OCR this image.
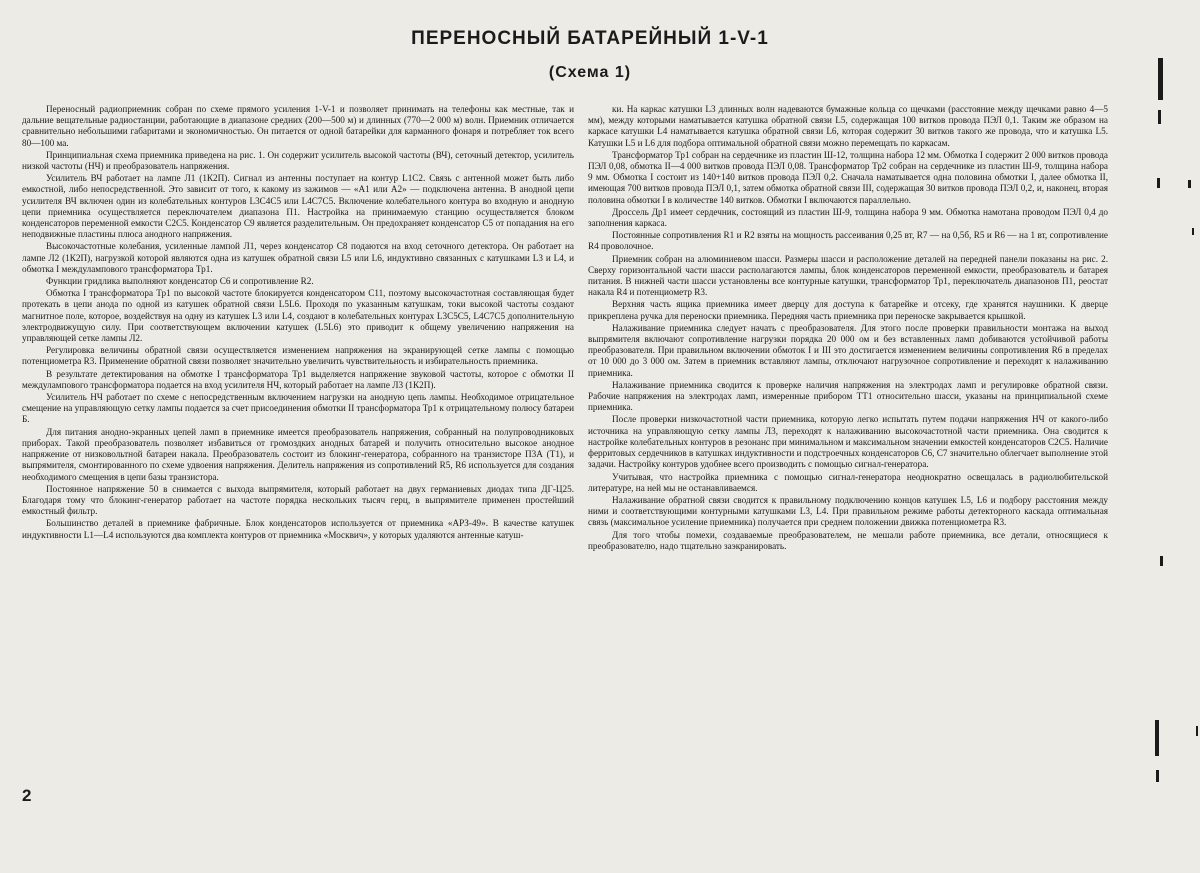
ПЕРЕНОСНЫЙ БАТАРЕЙНЫЙ 1-V-1
(Схема 1)

Переносный радиоприемник собран по схеме прямого усиления 1-V-1 и позволяет принимать на телефоны как местные, так и дальние вещательные радиостанции, работающие в диапазоне средних (200—500 м) и длинных (770—2 000 м) волн. Приемник отличается сравнительно небольшими габаритами и экономичностью. Он питается от одной батарейки для карманного фонаря и потребляет ток всего 80—100 ма.

Принципиальная схема приемника приведена на рис. 1. Он содержит усилитель высокой частоты (ВЧ), сеточный детектор, усилитель низкой частоты (НЧ) и преобразователь напряжения.

Усилитель ВЧ работает на лампе Л1 (1К2П). Сигнал из антенны поступает на контур L1C2. Связь с антенной может быть либо емкостной, либо непосредственной. Это зависит от того, к какому из зажимов — «А1 или А2» — подключена антенна. В анодной цепи усилителя ВЧ включен один из колебательных контуров L3C4C5 или L4C7C5. Включение колебательного контура во входную и анодную цепи приемника осуществляется переключателем диапазона П1. Настройка на принимаемую станцию осуществляется блоком конденсаторов переменной емкости C2C5. Конденсатор C9 является разделительным. Он предохраняет конденсатор C5 от попадания на его неподвижные пластины плюса анодного напряжения.

Высокочастотные колебания, усиленные лампой Л1, через конденсатор C8 подаются на вход сеточного детектора. Он работает на лампе Л2 (1К2П), нагрузкой которой являются одна из катушек обратной связи L5 или L6, индуктивно связанных с катушками L3 и L4, и обмотка I междулампового трансформатора Тр1.

Функции гридлика выполняют конденсатор C6 и сопротивление R2.

Обмотка I трансформатора Тр1 по высокой частоте блокируется конденсатором C11, поэтому высокочастотная составляющая будет протекать в цепи анода по одной из катушек обратной связи L5L6. Проходя по указанным катушкам, токи высокой частоты создают магнитное поле, которое, воздействуя на одну из катушек L3 или L4, создают в колебательных контурах L3C5C5, L4C7C5 дополнительную электродвижущую силу. При соответствующем включении катушек (L5L6) это приводит к общему увеличению напряжения на управляющей сетке лампы Л2.

Регулировка величины обратной связи осуществляется изменением напряжения на экранирующей сетке лампы с помощью потенциометра R3. Применение обратной связи позволяет значительно увеличить чувствительность и избирательность приемника.

В результате детектирования на обмотке I трансформатора Тр1 выделяется напряжение звуковой частоты, которое с обмотки II междулампового трансформатора подается на вход усилителя НЧ, который работает на лампе Л3 (1К2П).

Усилитель НЧ работает по схеме с непосредственным включением нагрузки на анодную цепь лампы. Необходимое отрицательное смещение на управляющую сетку лампы подается за счет присоединения обмотки II трансформатора Тр1 к отрицательному полюсу батареи Б.

Для питания анодно-экранных цепей ламп в приемнике имеется преобразователь напряжения, собранный на полупроводниковых приборах. Такой преобразователь позволяет избавиться от громоздких анодных батарей и получить относительно высокое анодное напряжение от низковольтной батареи накала. Преобразователь состоит из блокинг-генератора, собранного на транзисторе П3А (Т1), и выпрямителя, смонтированного по схеме удвоения напряжения. Делитель напряжения из сопротивлений R5, R6 используется для создания необходимого смещения в цепи базы транзистора.

Постоянное напряжение 50 в снимается с выхода выпрямителя, который работает на двух германиевых диодах типа ДГ-Ц25. Благодаря тому что блокинг-генератор работает на частоте порядка нескольких тысяч герц, в выпрямителе применен простейший емкостный фильтр.

Большинство деталей в приемнике фабричные. Блок конденсаторов используется от приемника «АРЗ-49». В качестве катушек индуктивности L1—L4 используются два комплекта контуров от приемника «Москвич», у которых удаляются антенные катуш-

ки. На каркас катушки L3 длинных волн надеваются бумажные кольца со щечками (расстояние между щечками равно 4—5 мм), между которыми наматывается катушка обратной связи L5, содержащая 100 витков провода ПЭЛ 0,1. Таким же образом на каркасе катушки L4 наматывается катушка обратной связи L6, которая содержит 30 витков такого же провода, что и катушка L5. Катушки L5 и L6 для подбора оптимальной обратной связи можно перемещать по каркасам.

Трансформатор Тр1 собран на сердечнике из пластин Ш-12, толщина набора 12 мм. Обмотка I содержит 2 000 витков провода ПЭЛ 0,08, обмотка II—4 000 витков провода ПЭЛ 0,08. Трансформатор Тр2 собран на сердечнике из пластин Ш-9, толщина набора 9 мм. Обмотка I состоит из 140+140 витков провода ПЭЛ 0,2. Сначала наматывается одна половина обмотки I, далее обмотка II, имеющая 700 витков провода ПЭЛ 0,1, затем обмотка обратной связи III, содержащая 30 витков провода ПЭЛ 0,2, и, наконец, вторая половина обмотки I в количестве 140 витков. Обмотки I включаются параллельно.

Дроссель Др1 имеет сердечник, состоящий из пластин Ш-9, толщина набора 9 мм. Обмотка намотана проводом ПЭЛ 0,4 до заполнения каркаса.

Постоянные сопротивления R1 и R2 взяты на мощность рассеивания 0,25 вт, R7 — на 0,5б, R5 и R6 — на 1 вт, сопротивление R4 проволочное.

Приемник собран на алюминиевом шасси. Размеры шасси и расположение деталей на передней панели показаны на рис. 2. Сверху горизонтальной части шасси располагаются лампы, блок конденсаторов переменной емкости, преобразователь и батарея питания. В нижней части шасси установлены все контурные катушки, трансформатор Тр1, переключатель диапазонов П1, реостат накала R4 и потенциометр R3.

Верхняя часть ящика приемника имеет дверцу для доступа к батарейке и отсеку, где хранятся наушники. К дверце прикреплена ручка для переноски приемника. Передняя часть приемника при переноске закрывается крышкой.

Налаживание приемника следует начать с преобразователя. Для этого после проверки правильности монтажа на выход выпрямителя включают сопротивление нагрузки порядка 20 000 ом и без вставленных ламп добиваются устойчивой работы преобразователя. При правильном включении обмоток I и III это достигается изменением величины сопротивления R6 в пределах от 10 000 до 3 000 ом. Затем в приемник вставляют лампы, отключают нагрузочное сопротивление и переходят к налаживанию приемника.

Налаживание приемника сводится к проверке наличия напряжения на электродах ламп и регулировке обратной связи. Рабочие напряжения на электродах ламп, измеренные прибором ТТ1 относительно шасси, указаны на принципиальной схеме приемника.

После проверки низкочастотной части приемника, которую легко испытать путем подачи напряжения НЧ от какого-либо источника на управляющую сетку лампы Л3, переходят к налаживанию высокочастотной части приемника. Она сводится к настройке колебательных контуров в резонанс при минимальном и максимальном значении емкостей конденсаторов C2C5. Наличие ферритовых сердечников в катушках индуктивности и подстроечных конденсаторов C6, C7 значительно облегчает выполнение этой задачи. Настройку контуров удобнее всего производить с помощью сигнал-генератора.

Учитывая, что настройка приемника с помощью сигнал-генератора неоднократно освещалась в радиолюбительской литературе, на ней мы не останавливаемся.

Налаживание обратной связи сводится к правильному подключению концов катушек L5, L6 и подбору расстояния между ними и соответствующими контурными катушками L3, L4. При правильном режиме работы детекторного каскада оптимальная связь (максимальное усиление приемника) получается при среднем положении движка потенциометра R3.

Для того чтобы помехи, создаваемые преобразователем, не мешали работе приемника, все детали, относящиеся к преобразователю, надо тщательно заэкранировать.

2
